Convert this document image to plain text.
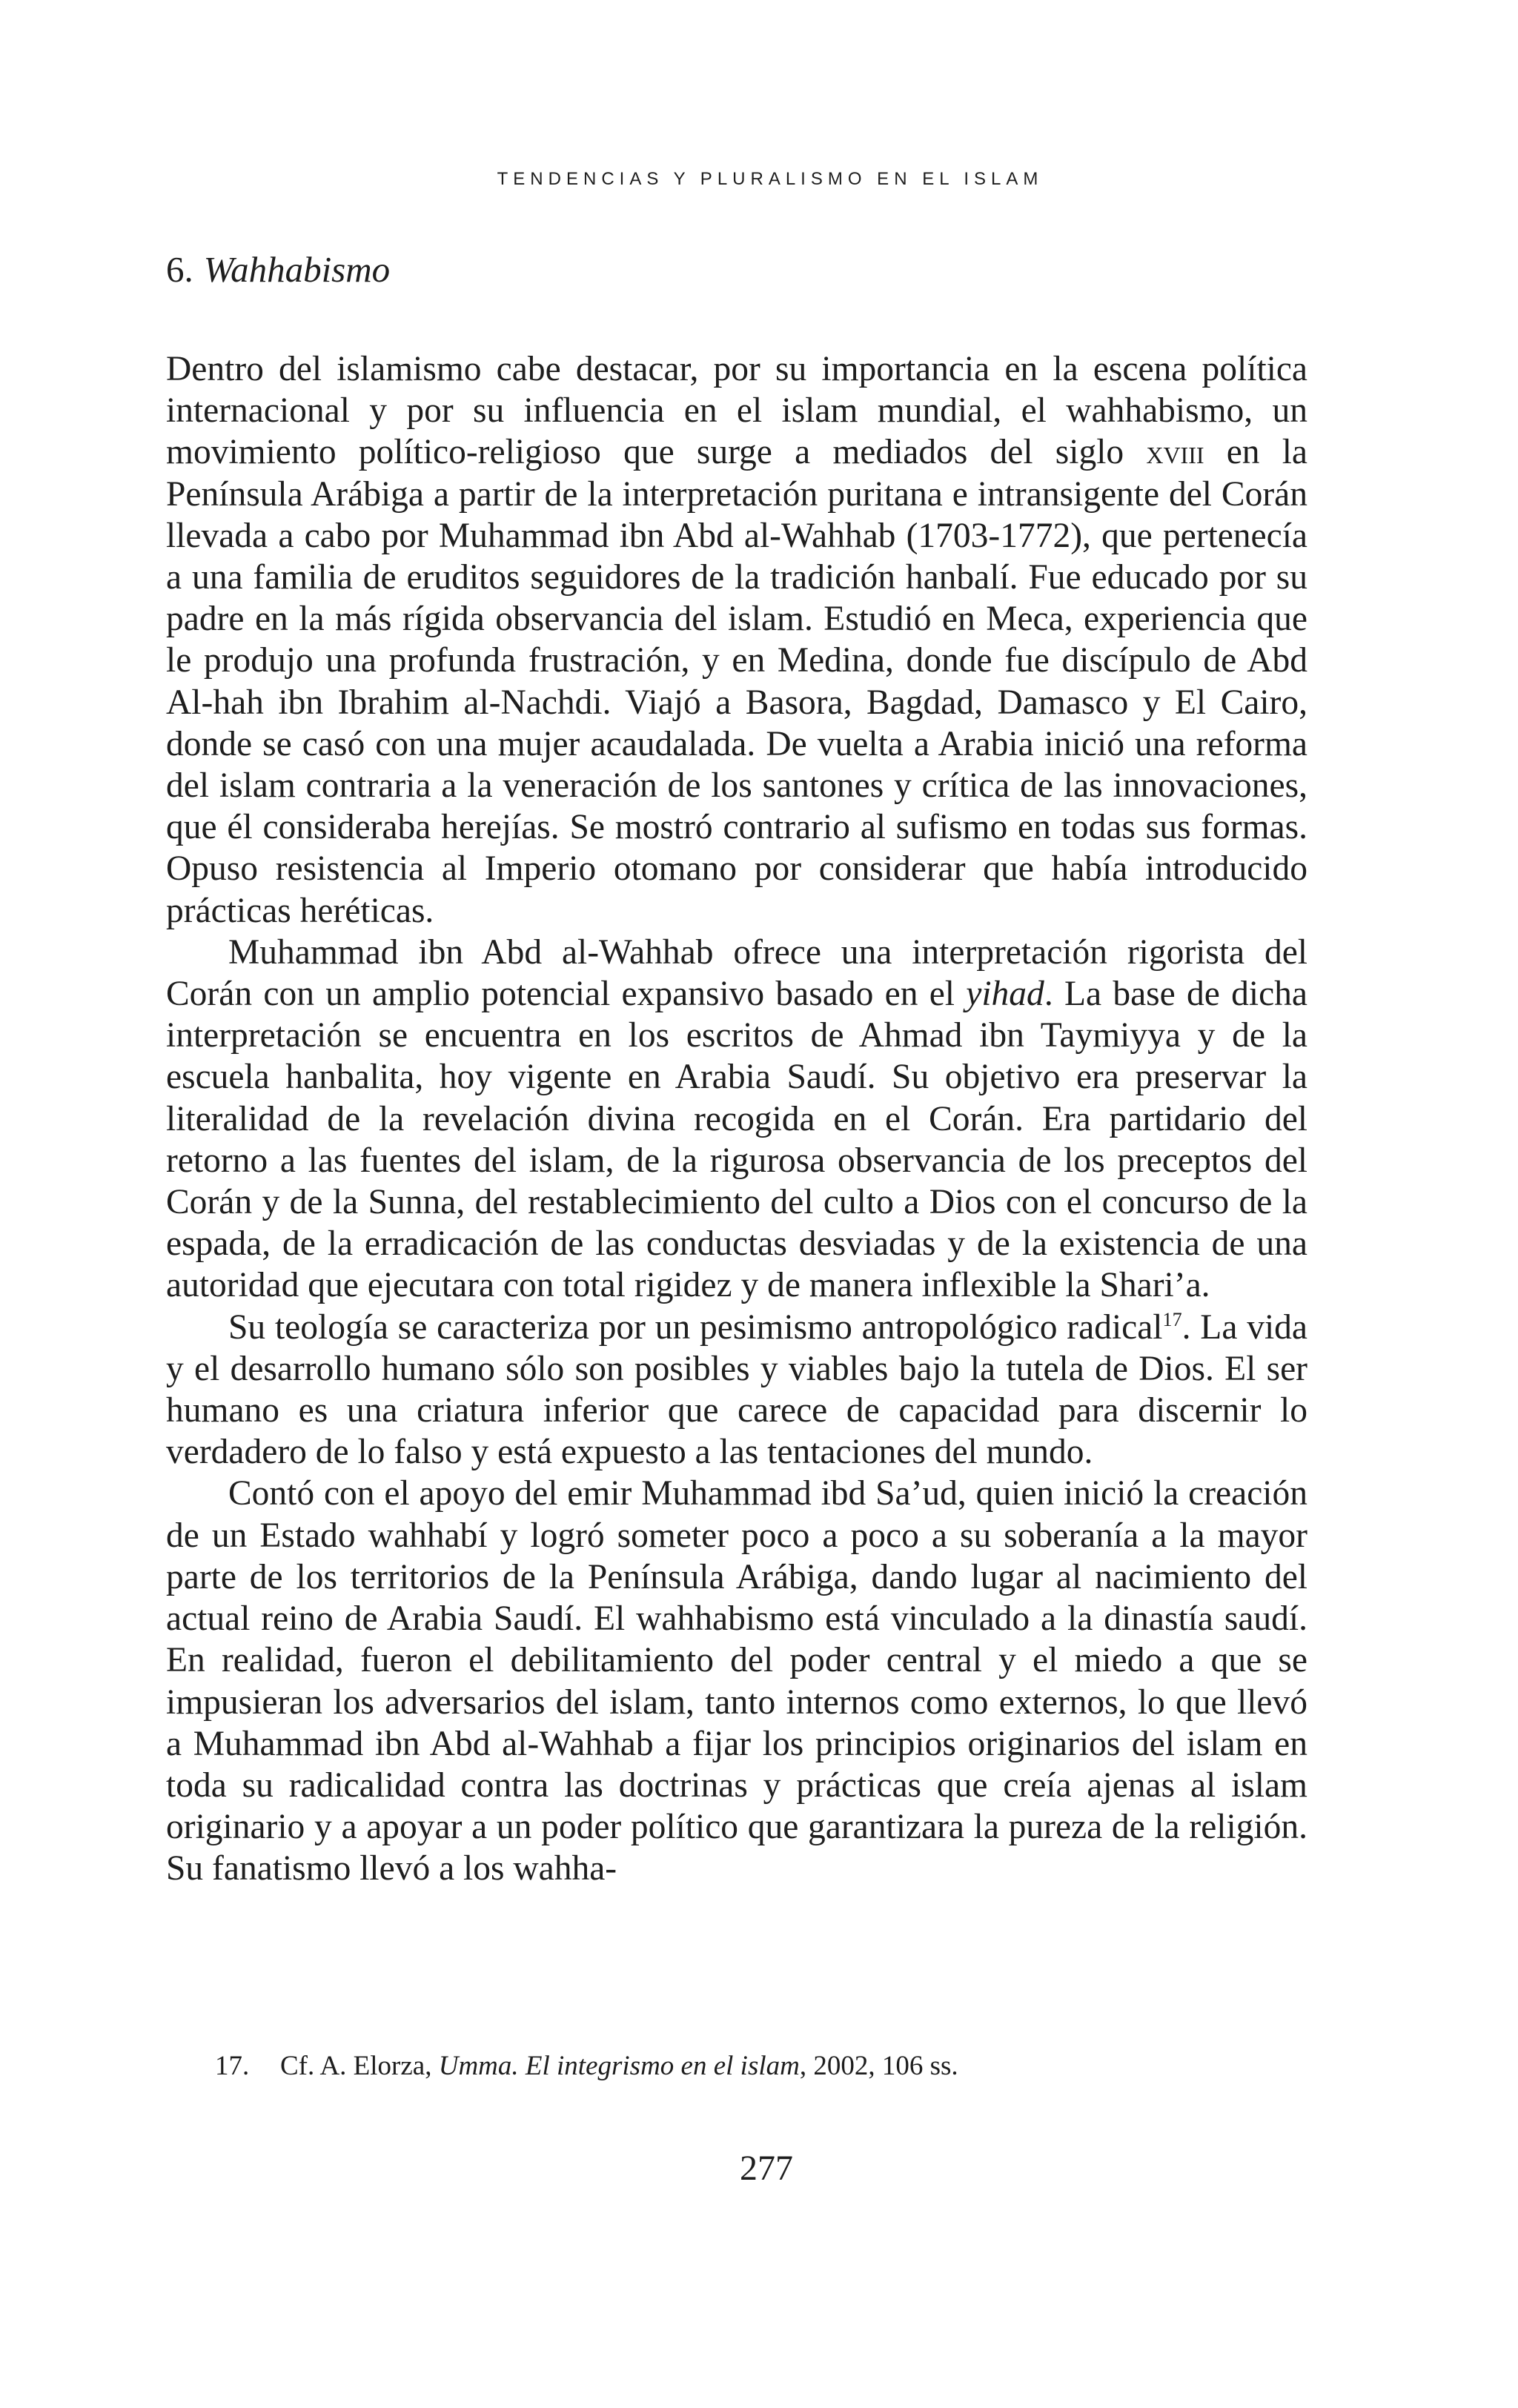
TENDENCIAS Y PLURALISMO EN EL ISLAM
6. Wahhabismo

Dentro del islamismo cabe destacar, por su importancia en la escena política internacional y por su influencia en el islam mundial, el wahhabismo, un movimiento político-religioso que surge a mediados del siglo xviii en la Península Arábiga a partir de la interpretación puritana e intransigente del Corán llevada a cabo por Muhammad ibn Abd al-Wahhab (1703-1772), que pertenecía a una familia de eruditos seguidores de la tradición hanbalí. Fue educado por su padre en la más rígida observancia del islam. Estudió en Meca, experiencia que le produjo una profunda frustración, y en Medina, donde fue discípulo de Abd Al-hah ibn Ibrahim al-Nachdi. Viajó a Basora, Bagdad, Damasco y El Cairo, donde se casó con una mujer acaudalada. De vuelta a Arabia inició una reforma del islam contraria a la veneración de los santones y crítica de las innovaciones, que él consideraba herejías. Se mostró contrario al sufismo en todas sus formas. Opuso resistencia al Imperio otomano por considerar que había introducido prácticas heréticas.

Muhammad ibn Abd al-Wahhab ofrece una interpretación rigorista del Corán con un amplio potencial expansivo basado en el yihad. La base de dicha interpretación se encuentra en los escritos de Ahmad ibn Taymiyya y de la escuela hanbalita, hoy vigente en Arabia Saudí. Su objetivo era preservar la literalidad de la revelación divina recogida en el Corán. Era partidario del retorno a las fuentes del islam, de la rigurosa observancia de los preceptos del Corán y de la Sunna, del restablecimiento del culto a Dios con el concurso de la espada, de la erradicación de las conductas desviadas y de la existencia de una autoridad que ejecutara con total rigidez y de manera inflexible la Shari’a.

Su teología se caracteriza por un pesimismo antropológico radical$^{17}$. La vida y el desarrollo humano sólo son posibles y viables bajo la tutela de Dios. El ser humano es una criatura inferior que carece de capacidad para discernir lo verdadero de lo falso y está expuesto a las tentaciones del mundo.

Contó con el apoyo del emir Muhammad ibd Sa’ud, quien inició la creación de un Estado wahhabí y logró someter poco a poco a su soberanía a la mayor parte de los territorios de la Península Arábiga, dando lugar al nacimiento del actual reino de Arabia Saudí. El wahhabismo está vinculado a la dinastía saudí. En realidad, fueron el debilitamiento del poder central y el miedo a que se impusieran los adversarios del islam, tanto internos como externos, lo que llevó a Muhammad ibn Abd al-Wahhab a fijar los principios originarios del islam en toda su radicalidad contra las doctrinas y prácticas que creía ajenas al islam originario y a apoyar a un poder político que garantizara la pureza de la religión. Su fanatismo llevó a los wahha-

17. Cf. A. Elorza, Umma. El integrismo en el islam, 2002, 106 ss.
277
